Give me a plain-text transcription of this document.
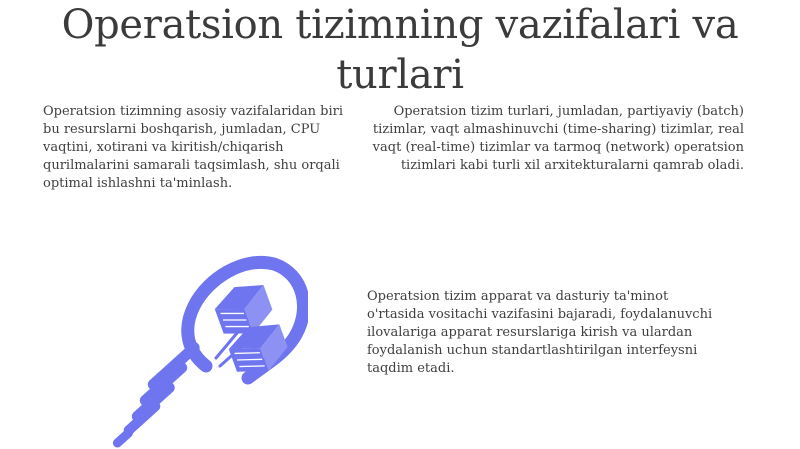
Operatsion tizimning vazifalari va turlari

Operatsion tizimning asosiy vazifalaridan biri bu resurslarni boshqarish, jumladan, CPU vaqtini, xotirani va kiritish/chiqarish qurilmalarini samarali taqsimlash, shu orqali optimal ishlashni ta'minlash.

Operatsion tizim turlari, jumladan, partiyaviy (batch) tizimlar, vaqt almashinuvchi (time-sharing) tizimlar, real vaqt (real-time) tizimlar va tarmoq (network) operatsion tizimlari kabi turli xil arxitekturalarni qamrab oladi.

Operatsion tizim apparat va dasturiy ta'minot o'rtasida vositachi vazifasini bajaradi, foydalanuvchi ilovalariga apparat resurslariga kirish va ulardan foydalanish uchun standartlashtirilgan interfeysni taqdim etadi.
